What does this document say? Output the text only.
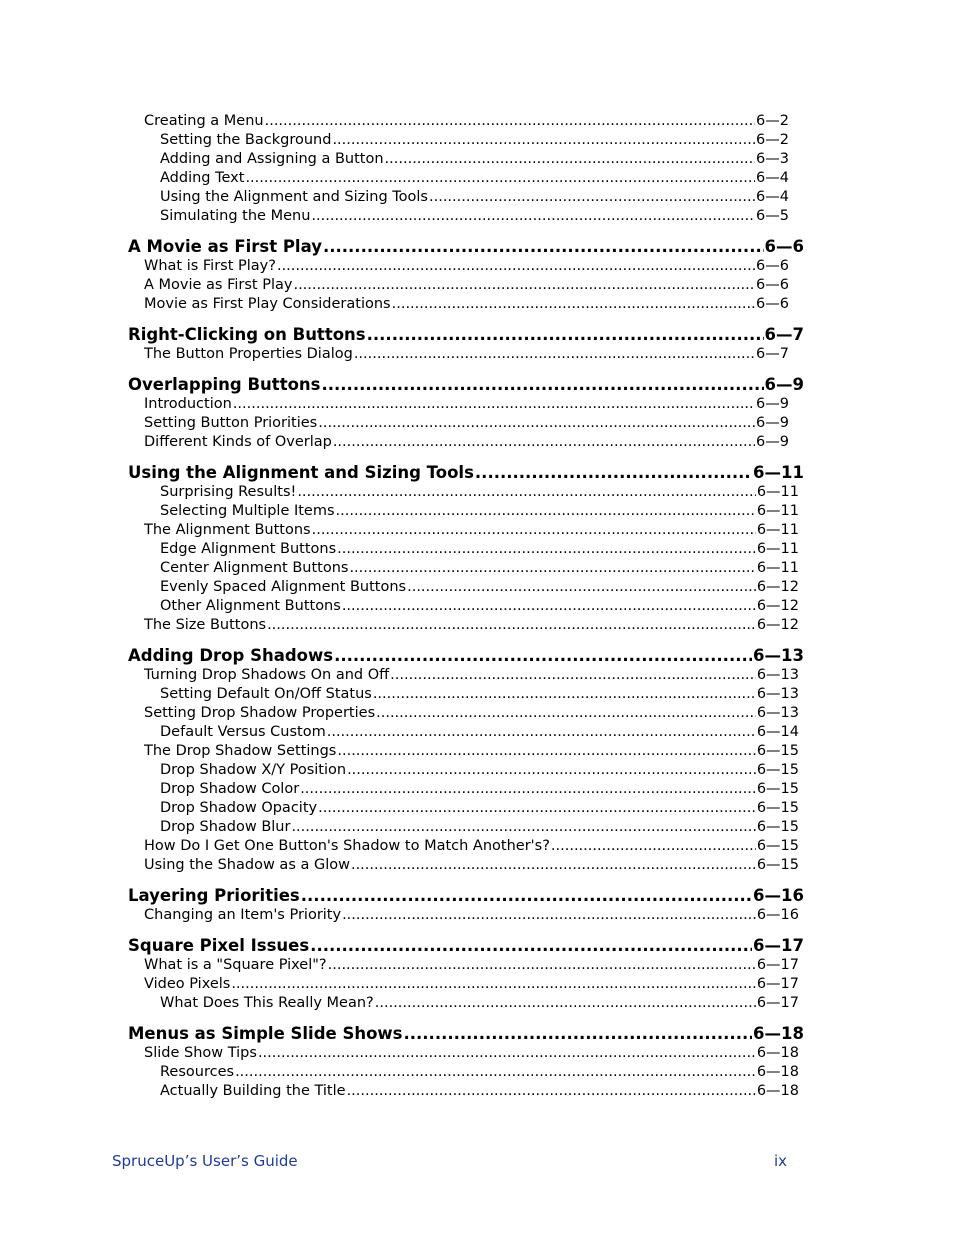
Creating a Menu .....	6—2
Setting the Background .....	6—2
Adding and Assigning a Button .....	6—3
Adding Text .....	6—4
Using the Alignment and Sizing Tools .....	6—4
Simulating the Menu .....	6—5
A Movie as First Play .....	6—6
What is First Play? .....	6—6
A Movie as First Play .....	6—6
Movie as First Play Considerations .....	6—6
Right-Clicking on Buttons .....	6—7
The Button Properties Dialog .....	6—7
Overlapping Buttons .....	6—9
Introduction .....	6—9
Setting Button Priorities .....	6—9
Different Kinds of Overlap .....	6—9
Using the Alignment and Sizing Tools .....	6—11
Surprising Results! .....	6—11
Selecting Multiple Items .....	6—11
The Alignment Buttons .....	6—11
Edge Alignment Buttons .....	6—11
Center Alignment Buttons .....	6—11
Evenly Spaced Alignment Buttons .....	6—12
Other Alignment Buttons .....	6—12
The Size Buttons .....	6—12
Adding Drop Shadows .....	6—13
Turning Drop Shadows On and Off .....	6—13
Setting Default On/Off Status .....	6—13
Setting Drop Shadow Properties .....	6—13
Default Versus Custom .....	6—14
The Drop Shadow Settings .....	6—15
Drop Shadow X/Y Position .....	6—15
Drop Shadow Color .....	6—15
Drop Shadow Opacity .....	6—15
Drop Shadow Blur .....	6—15
How Do I Get One Button's Shadow to Match Another's? .....	6—15
Using the Shadow as a Glow .....	6—15
Layering Priorities .....	6—16
Changing an Item's Priority .....	6—16
Square Pixel Issues .....	6—17
What is a "Square Pixel"? .....	6—17
Video Pixels .....	6—17
What Does This Really Mean? .....	6—17
Menus as Simple Slide Shows .....	6—18
Slide Show Tips .....	6—18
Resources .....	6—18
Actually Building the Title .....	6—18
SpruceUp’s User’s Guide	ix
